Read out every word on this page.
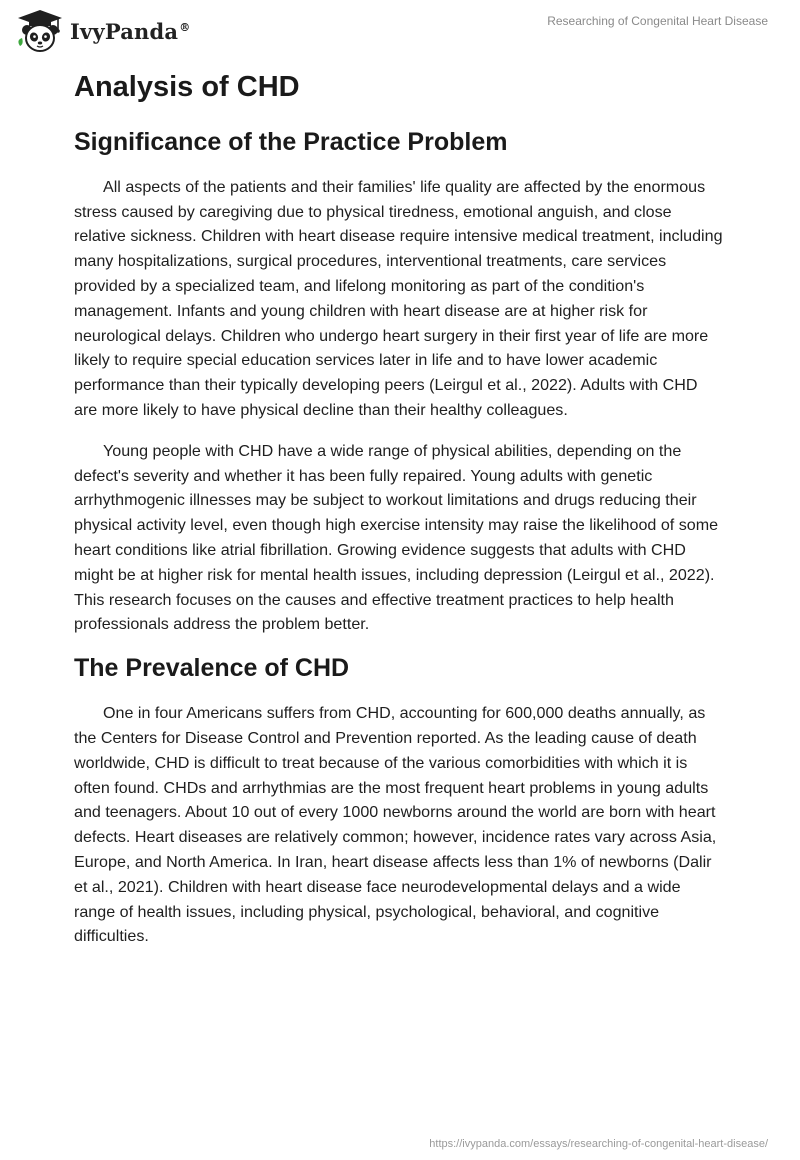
IvyPanda®	Researching of Congenital Heart Disease
Analysis of CHD
Significance of the Practice Problem

All aspects of the patients and their families' life quality are affected by the enormous stress caused by caregiving due to physical tiredness, emotional anguish, and close relative sickness. Children with heart disease require intensive medical treatment, including many hospitalizations, surgical procedures, interventional treatments, care services provided by a specialized team, and lifelong monitoring as part of the condition's management. Infants and young children with heart disease are at higher risk for neurological delays. Children who undergo heart surgery in their first year of life are more likely to require special education services later in life and to have lower academic performance than their typically developing peers (Leirgul et al., 2022). Adults with CHD are more likely to have physical decline than their healthy colleagues.

Young people with CHD have a wide range of physical abilities, depending on the defect's severity and whether it has been fully repaired. Young adults with genetic arrhythmogenic illnesses may be subject to workout limitations and drugs reducing their physical activity level, even though high exercise intensity may raise the likelihood of some heart conditions like atrial fibrillation. Growing evidence suggests that adults with CHD might be at higher risk for mental health issues, including depression (Leirgul et al., 2022). This research focuses on the causes and effective treatment practices to help health professionals address the problem better.

The Prevalence of CHD

One in four Americans suffers from CHD, accounting for 600,000 deaths annually, as the Centers for Disease Control and Prevention reported. As the leading cause of death worldwide, CHD is difficult to treat because of the various comorbidities with which it is often found. CHDs and arrhythmias are the most frequent heart problems in young adults and teenagers. About 10 out of every 1000 newborns around the world are born with heart defects. Heart diseases are relatively common; however, incidence rates vary across Asia, Europe, and North America. In Iran, heart disease affects less than 1% of newborns (Dalir et al., 2021). Children with heart disease face neurodevelopmental delays and a wide range of health issues, including physical, psychological, behavioral, and cognitive difficulties.

https://ivypanda.com/essays/researching-of-congenital-heart-disease/
